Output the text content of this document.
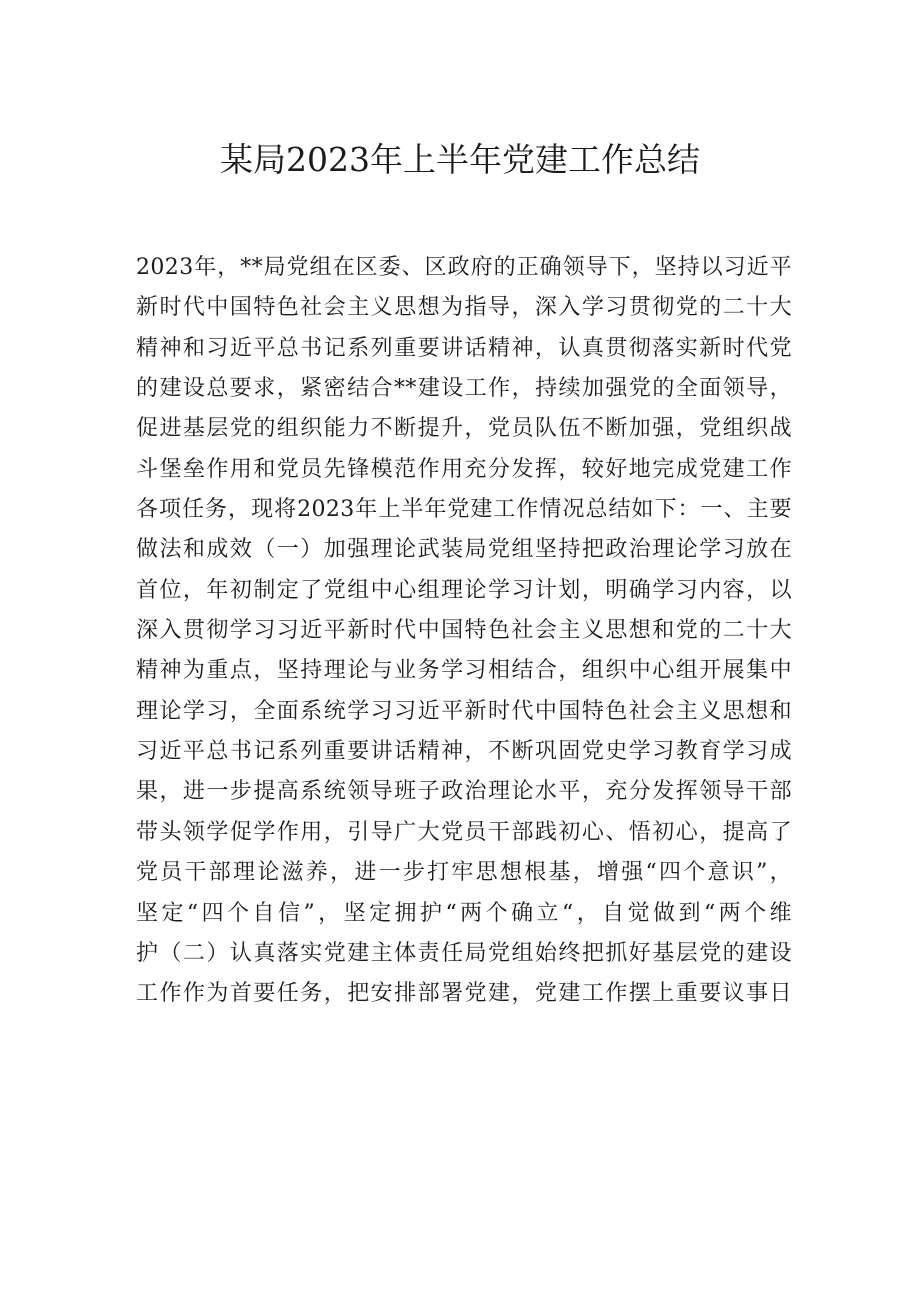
某局2023年上半年党建工作总结
2023年，**局党组在区委、区政府的正确领导下，坚持以习近平
新时代中国特色社会主义思想为指导，深入学习贯彻党的二十大
精神和习近平总书记系列重要讲话精神，认真贯彻落实新时代党
的建设总要求，紧密结合**建设工作，持续加强党的全面领导，
促进基层党的组织能力不断提升，党员队伍不断加强，党组织战
斗堡垒作用和党员先锋模范作用充分发挥，较好地完成党建工作
各项任务，现将2023年上半年党建工作情况总结如下：一、主要
做法和成效（一）加强理论武装局党组坚持把政治理论学习放在
首位，年初制定了党组中心组理论学习计划，明确学习内容，以
深入贯彻学习习近平新时代中国特色社会主义思想和党的二十大
精神为重点，坚持理论与业务学习相结合，组织中心组开展集中
理论学习，全面系统学习习近平新时代中国特色社会主义思想和
习近平总书记系列重要讲话精神，不断巩固党史学习教育学习成
果，进一步提高系统领导班子政治理论水平，充分发挥领导干部
带头领学促学作用，引导广大党员干部践初心、悟初心，提高了
党员干部理论滋养，进一步打牢思想根基，增强“四个意识”，
坚定“四个自信”，坚定拥护“两个确立“，自觉做到“两个维
护（二）认真落实党建主体责任局党组始终把抓好基层党的建设
工作作为首要任务，把安排部署党建，党建工作摆上重要议事日
